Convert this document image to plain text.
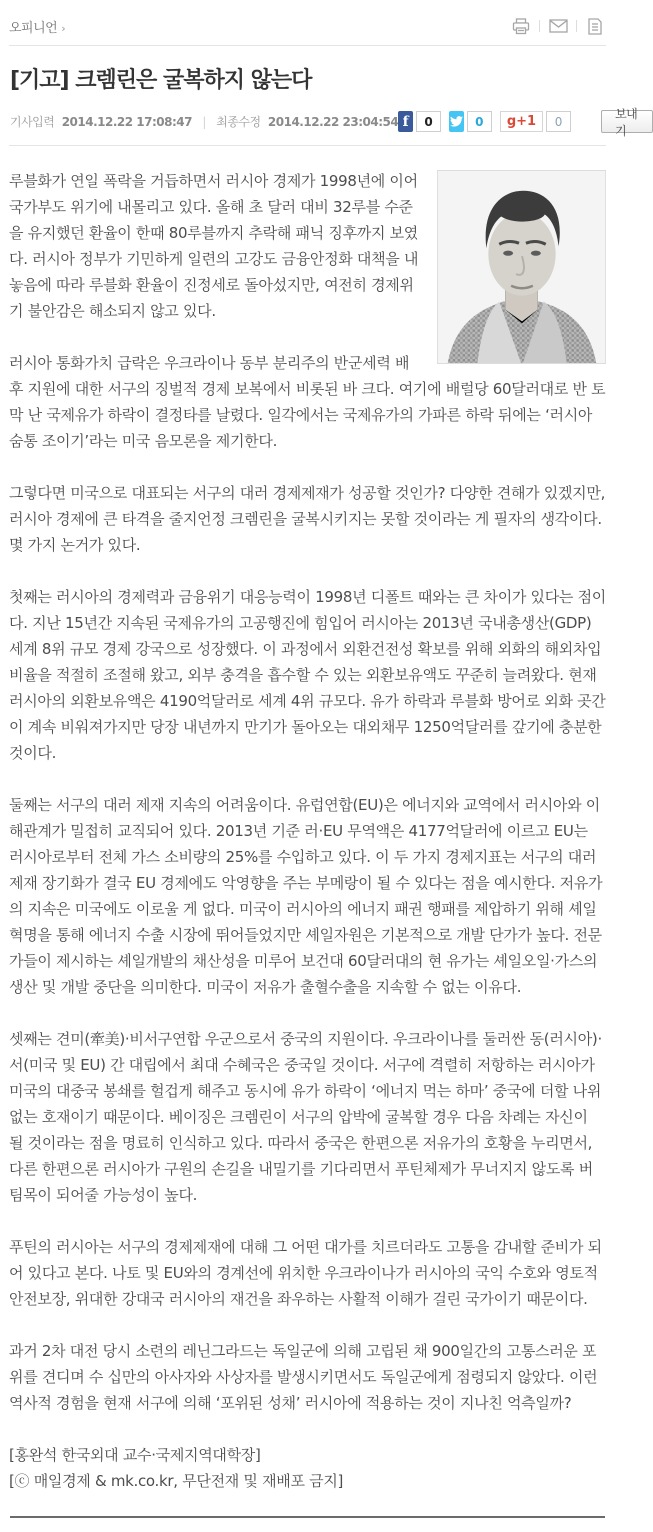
오피니언 ›
[기고] 크렘린은 굴복하지 않는다
기사입력 2014.12.22 17:08:47 | 최종수정 2014.12.22 23:04:54 f	0	0	g+1	0
보내기

루블화가 연일 폭락을 거듭하면서 러시아 경제가 1998년에 이어 국가부도 위기에 내몰리고 있다. 올해 초 달러 대비 32루블 수준을 유지했던 환율이 한때 80루블까지 추락해 패닉 징후까지 보였다. 러시아 정부가 기민하게 일련의 고강도 금융안정화 대책을 내놓음에 따라 루블화 환율이 진정세로 돌아섰지만, 여전히 경제위기 불안감은 해소되지 않고 있다.

러시아 통화가치 급락은 우크라이나 동부 분리주의 반군세력 배후 지원에 대한 서구의 징벌적 경제 보복에서 비롯된 바 크다. 여기에 배럴당 60달러대로 반 토막 난 국제유가 하락이 결정타를 날렸다. 일각에서는 국제유가의 가파른 하락 뒤에는 ‘러시아 숨통 조이기’라는 미국 음모론을 제기한다.

그렇다면 미국으로 대표되는 서구의 대러 경제제재가 성공할 것인가? 다양한 견해가 있겠지만, 러시아 경제에 큰 타격을 줄지언정 크렘린을 굴복시키지는 못할 것이라는 게 필자의 생각이다. 몇 가지 논거가 있다.

첫째는 러시아의 경제력과 금융위기 대응능력이 1998년 디폴트 때와는 큰 차이가 있다는 점이다. 지난 15년간 지속된 국제유가의 고공행진에 힘입어 러시아는 2013년 국내총생산(GDP) 세계 8위 규모 경제 강국으로 성장했다. 이 과정에서 외환건전성 확보를 위해 외화의 해외차입 비율을 적절히 조절해 왔고, 외부 충격을 흡수할 수 있는 외환보유액도 꾸준히 늘려왔다. 현재 러시아의 외환보유액은 4190억달러로 세계 4위 규모다. 유가 하락과 루블화 방어로 외화 곳간이 계속 비워져가지만 당장 내년까지 만기가 돌아오는 대외채무 1250억달러를 갚기에 충분한 것이다.

둘째는 서구의 대러 제재 지속의 어려움이다. 유럽연합(EU)은 에너지와 교역에서 러시아와 이해관계가 밀접히 교직되어 있다. 2013년 기준 러·EU 무역액은 4177억달러에 이르고 EU는 러시아로부터 전체 가스 소비량의 25%를 수입하고 있다. 이 두 가지 경제지표는 서구의 대러 제재 장기화가 결국 EU 경제에도 악영향을 주는 부메랑이 될 수 있다는 점을 예시한다. 저유가의 지속은 미국에도 이로울 게 없다. 미국이 러시아의 에너지 패권 행패를 제압하기 위해 셰일혁명을 통해 에너지 수출 시장에 뛰어들었지만 셰일자원은 기본적으로 개발 단가가 높다. 전문가들이 제시하는 셰일개발의 채산성을 미루어 보건대 60달러대의 현 유가는 셰일오일·가스의 생산 및 개발 중단을 의미한다. 미국이 저유가 출혈수출을 지속할 수 없는 이유다.

셋째는 견미(牽美)·비서구연합 우군으로서 중국의 지원이다. 우크라이나를 둘러싼 동(러시아)·서(미국 및 EU) 간 대립에서 최대 수혜국은 중국일 것이다. 서구에 격렬히 저항하는 러시아가 미국의 대중국 봉쇄를 헐겁게 해주고 동시에 유가 하락이 ‘에너지 먹는 하마’ 중국에 더할 나위 없는 호재이기 때문이다. 베이징은 크렘린이 서구의 압박에 굴복할 경우 다음 차례는 자신이 될 것이라는 점을 명료히 인식하고 있다. 따라서 중국은 한편으론 저유가의 호황을 누리면서, 다른 한편으론 러시아가 구원의 손길을 내밀기를 기다리면서 푸틴체제가 무너지지 않도록 버팀목이 되어줄 가능성이 높다.

푸틴의 러시아는 서구의 경제제재에 대해 그 어떤 대가를 치르더라도 고통을 감내할 준비가 되어 있다고 본다. 나토 및 EU와의 경계선에 위치한 우크라이나가 러시아의 국익 수호와 영토적 안전보장, 위대한 강대국 러시아의 재건을 좌우하는 사활적 이해가 걸린 국가이기 때문이다.

과거 2차 대전 당시 소련의 레닌그라드는 독일군에 의해 고립된 채 900일간의 고통스러운 포위를 견디며 수 십만의 아사자와 사상자를 발생시키면서도 독일군에게 점령되지 않았다. 이런 역사적 경험을 현재 서구에 의해 ‘포위된 성채’ 러시아에 적용하는 것이 지나친 억측일까?

[홍완석 한국외대 교수·국제지역대학장]

[ⓒ 매일경제 & mk.co.kr, 무단전재 및 재배포 금지]
